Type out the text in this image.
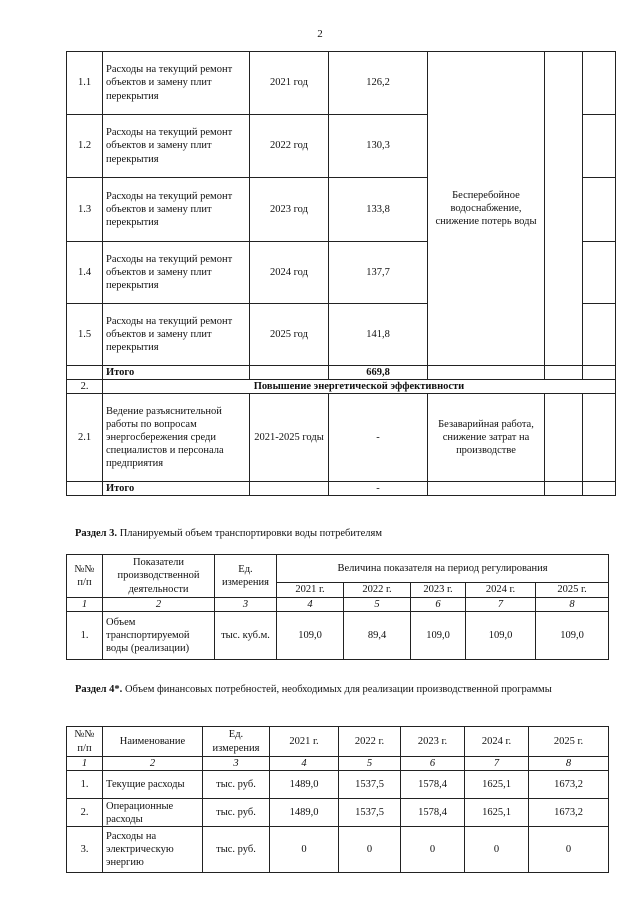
2
1.1	Расходы на текущий ремонт объектов и замену плит перекрытия	2021 год	126,2	Бесперебойное водоснабжение, снижение потерь воды		
1.2	Расходы на текущий ремонт объектов и замену плит перекрытия	2022 год	130,3			
1.3	Расходы на текущий ремонт объектов и замену плит перекрытия	2023 год	133,8			
1.4	Расходы на текущий ремонт объектов и замену плит перекрытия	2024 год	137,7			
1.5	Расходы на текущий ремонт объектов и замену плит перекрытия	2025 год	141,8			
	Итого		669,8			
2.	Повышение энергетической эффективности					
2.1	Ведение разъяснительной работы по вопросам энергосбережения среди специалистов и персонала предприятия	2021-2025 годы	-	Безаварийная работа, снижение затрат на производстве		
	Итого		-			
Раздел 3. Планируемый объем транспортировки воды потребителям
№№ п/п	Показатели производственной деятельности	Ед. измерения	Величина показателя на период регулирования				
			2021 г.	2022 г.	2023 г.	2024 г.	2025 г.
1	2	3	4	5	6	7	8
1.	Объем транспортируемой воды (реализации)	тыс. куб.м.	109,0	89,4	109,0	109,0	109,0
Раздел 4*. Объем финансовых потребностей, необходимых для реализации производственной программы
№№ п/п	Наименование	Ед. измерения	2021 г.	2022 г.	2023 г.	2024 г.	2025 г.
1	2	3	4	5	6	7	8
1.	Текущие расходы	тыс. руб.	1489,0	1537,5	1578,4	1625,1	1673,2
2.	Операционные расходы	тыс. руб.	1489,0	1537,5	1578,4	1625,1	1673,2
3.	Расходы на электрическую энергию	тыс. руб.	0	0	0	0	0
